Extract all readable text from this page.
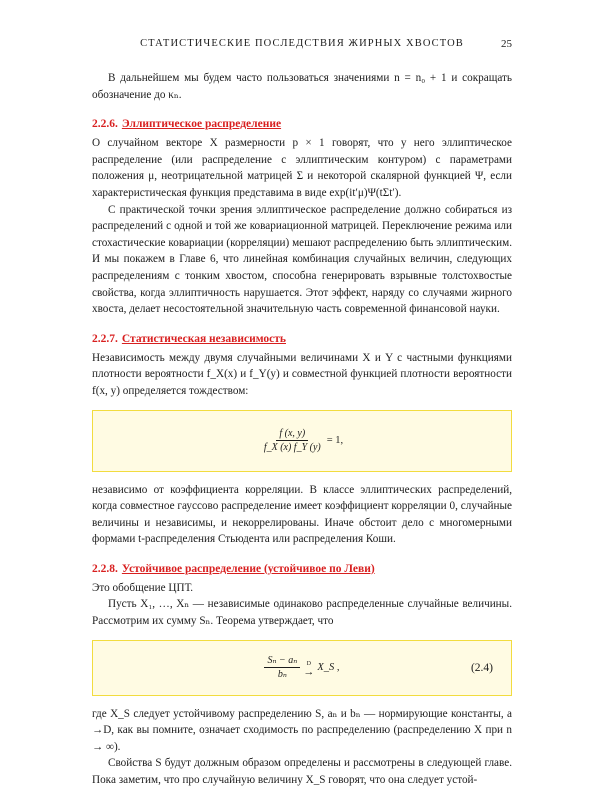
СТАТИСТИЧЕСКИЕ ПОСЛЕДСТВИЯ ЖИРНЫХ ХВОСТОВ	25

В дальнейшем мы будем часто пользоваться значениями n = n₀ + 1 и сокращать обозначение до κₙ.

2.2.6. Эллиптическое распределение

О случайном векторе X размерности p × 1 говорят, что у него эллиптическое распределение (или распределение с эллиптическим контуром) с параметрами положения μ, неотрицательной матрицей Σ и некоторой скалярной функцией Ψ, если характеристическая функция представима в виде exp(it′μ)Ψ(tΣt′).

С практической точки зрения эллиптическое распределение должно собираться из распределений с одной и той же ковариационной матрицей. Переключение режима или стохастические ковариации (корреляции) мешают распределению быть эллиптическим. И мы покажем в Главе 6, что линейная комбинация случайных величин, следующих распределениям с тонким хвостом, способна генерировать взрывные толстохвостые свойства, когда эллиптичность нарушается. Этот эффект, наряду со случаями жирного хвоста, делает несостоятельной значительную часть современной финансовой науки.

2.2.7. Статистическая независимость

Независимость между двумя случайными величинами X и Y с частными функциями плотности вероятности f_X(x) и f_Y(y) и совместной функцией плотности вероятности f(x, y) определяется тождеством:

$\frac{f (x, y)}{f\_X (x) f\_Y (y)} = 1$,

независимо от коэффициента корреляции. В классе эллиптических распределений, когда совместное гауссово распределение имеет коэффициент корреляции 0, случайные величины и независимы, и некоррелированы. Иначе обстоит дело с многомерными формами t-распределения Стьюдента или распределения Коши.

2.2.8. Устойчивое распределение (устойчивое по Леви)

Это обобщение ЦПТ.

Пусть X₁, …, Xₙ — независимые одинаково распределенные случайные величины. Рассмотрим их сумму Sₙ. Теорема утверждает, что

$\frac{\text{Sₙ − aₙ}}{\text{bₙ}}$ D
→ X_S ,	(2.4)

где X_S следует устойчивому распределению S, aₙ и bₙ — нормирующие константы, а →D, как вы помните, означает сходимость по распределению (распределению X при n → ∞).

Свойства S будут должным образом определены и рассмотрены в следующей главе. Пока заметим, что про случайную величину X_S говорят, что она следует устой-
